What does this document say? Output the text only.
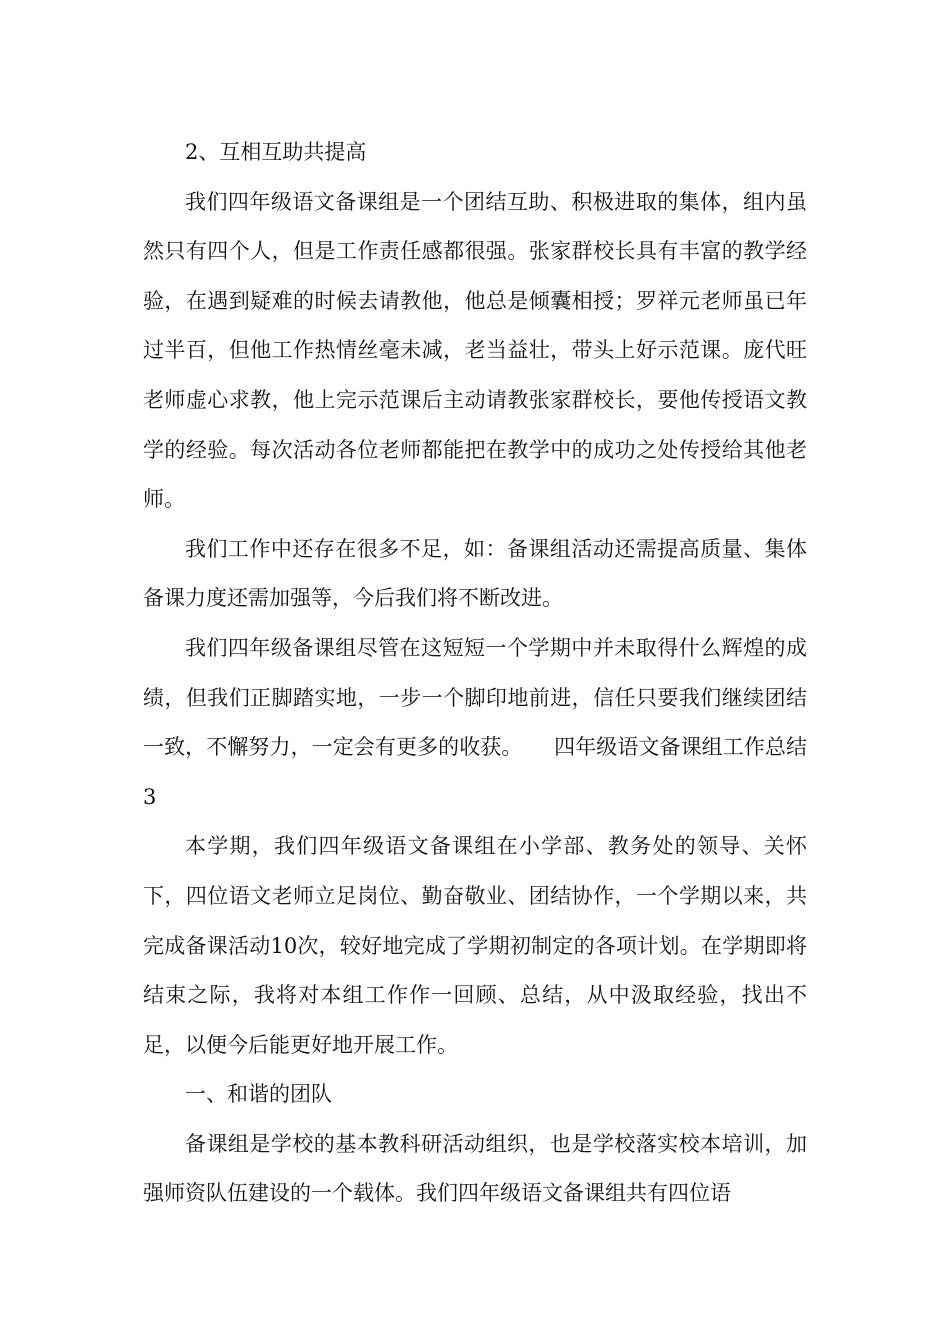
2、互相互助共提高

我们四年级语文备课组是一个团结互助、积极进取的集体，组内虽然只有四个人，但是工作责任感都很强。张家群校长具有丰富的教学经验，在遇到疑难的时候去请教他，他总是倾囊相授；罗祥元老师虽已年过半百，但他工作热情丝毫未减，老当益壮，带头上好示范课。庞代旺老师虚心求教，他上完示范课后主动请教张家群校长，要他传授语文教学的经验。每次活动各位老师都能把在教学中的成功之处传授给其他老师。

我们工作中还存在很多不足，如：备课组活动还需提高质量、集体备课力度还需加强等，今后我们将不断改进。

我们四年级备课组尽管在这短短一个学期中并未取得什么辉煌的成绩，但我们正脚踏实地，一步一个脚印地前进，信任只要我们继续团结一致，不懈努力，一定会有更多的收获。　　四年级语文备课组工作总结3

本学期，我们四年级语文备课组在小学部、教务处的领导、关怀下，四位语文老师立足岗位、勤奋敬业、团结协作，一个学期以来，共完成备课活动10次，较好地完成了学期初制定的各项计划。在学期即将结束之际，我将对本组工作作一回顾、总结，从中汲取经验，找出不足，以便今后能更好地开展工作。

一、和谐的团队

备课组是学校的基本教科研活动组织，也是学校落实校本培训，加强师资队伍建设的一个载体。我们四年级语文备课组共有四位语
